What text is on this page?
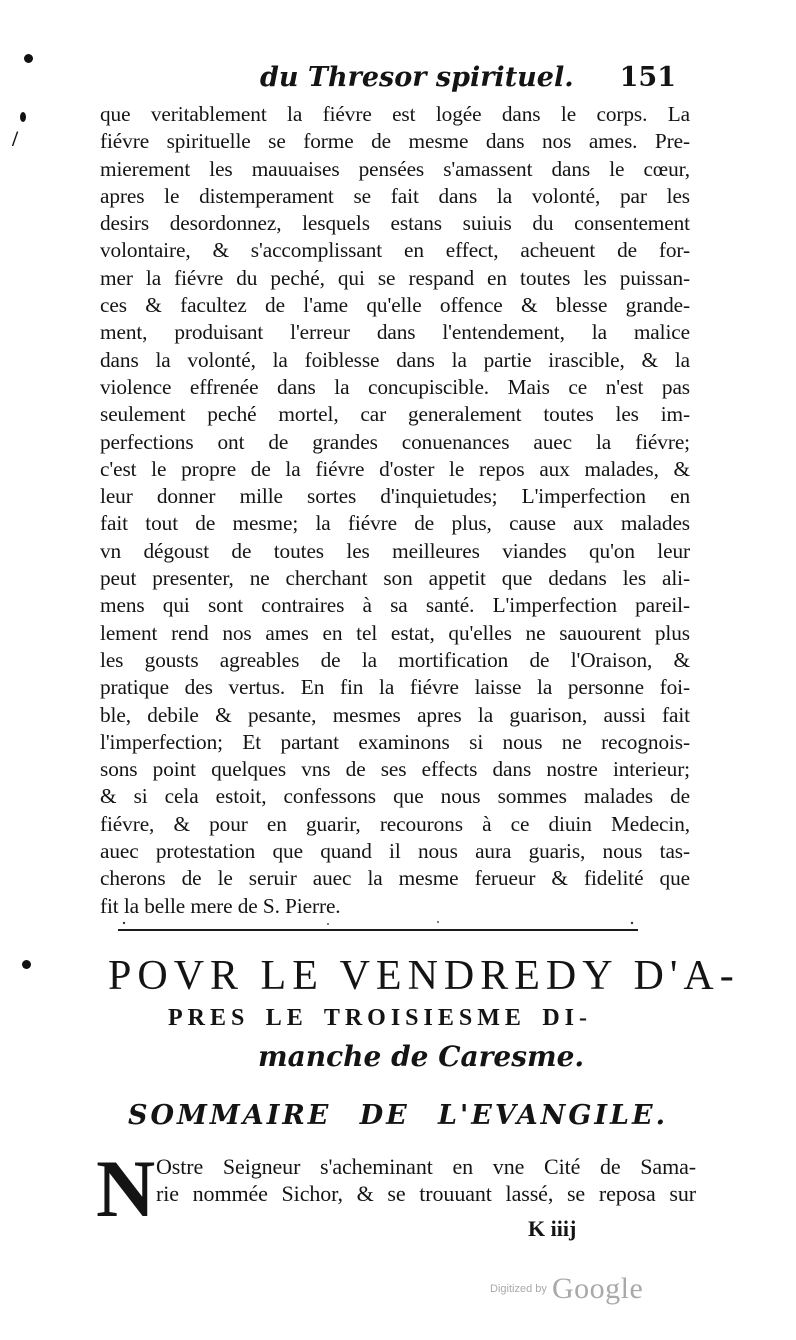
/
du Thresor spirituel. 151
que veritablement la fiévre est logée dans le corps. La
fiévre spirituelle se forme de mesme dans nos ames. Pre-
mierement les mauuaises pensées s'amassent dans le cœur,
apres le distemperament se fait dans la volonté, par les
desirs desordonnez, lesquels estans suiuis du consentement
volontaire, & s'accomplissant en effect, acheuent de for-
mer la fiévre du peché, qui se respand en toutes les puissan-
ces & facultez de l'ame qu'elle offence & blesse grande-
ment, produisant l'erreur dans l'entendement, la malice
dans la volonté, la foiblesse dans la partie irascible, & la
violence effrenée dans la concupiscible. Mais ce n'est pas
seulement peché mortel, car generalement toutes les im-
perfections ont de grandes conuenances auec la fiévre;
c'est le propre de la fiévre d'oster le repos aux malades, &
leur donner mille sortes d'inquietudes; L'imperfection en
fait tout de mesme; la fiévre de plus, cause aux malades
vn dégoust de toutes les meilleures viandes qu'on leur
peut presenter, ne cherchant son appetit que dedans les ali-
mens qui sont contraires à sa santé. L'imperfection pareil-
lement rend nos ames en tel estat, qu'elles ne sauourent plus
les gousts agreables de la mortification de l'Oraison, &
pratique des vertus. En fin la fiévre laisse la personne foi-
ble, debile & pesante, mesmes apres la guarison, aussi fait
l'imperfection; Et partant examinons si nous ne recognois-
sons point quelques vns de ses effects dans nostre interieur;
& si cela estoit, confessons que nous sommes malades de
fiévre, & pour en guarir, recourons à ce diuin Medecin,
auec protestation que quand il nous aura guaris, nous tas-
cherons de le seruir auec la mesme ferueur & fidelité que
fit la belle mere de S. Pierre.
POVR LE VENDREDY D'A-
PRES LE TROISIESME DI-
manche de Caresme.
SOMMAIRE DE L'EVANGILE.
N Ostre Seigneur s'acheminant en vne Cité de Sama-
rie nommée Sichor, & se trouuant lassé, se reposa sur
K iiij
Digitized by Google
